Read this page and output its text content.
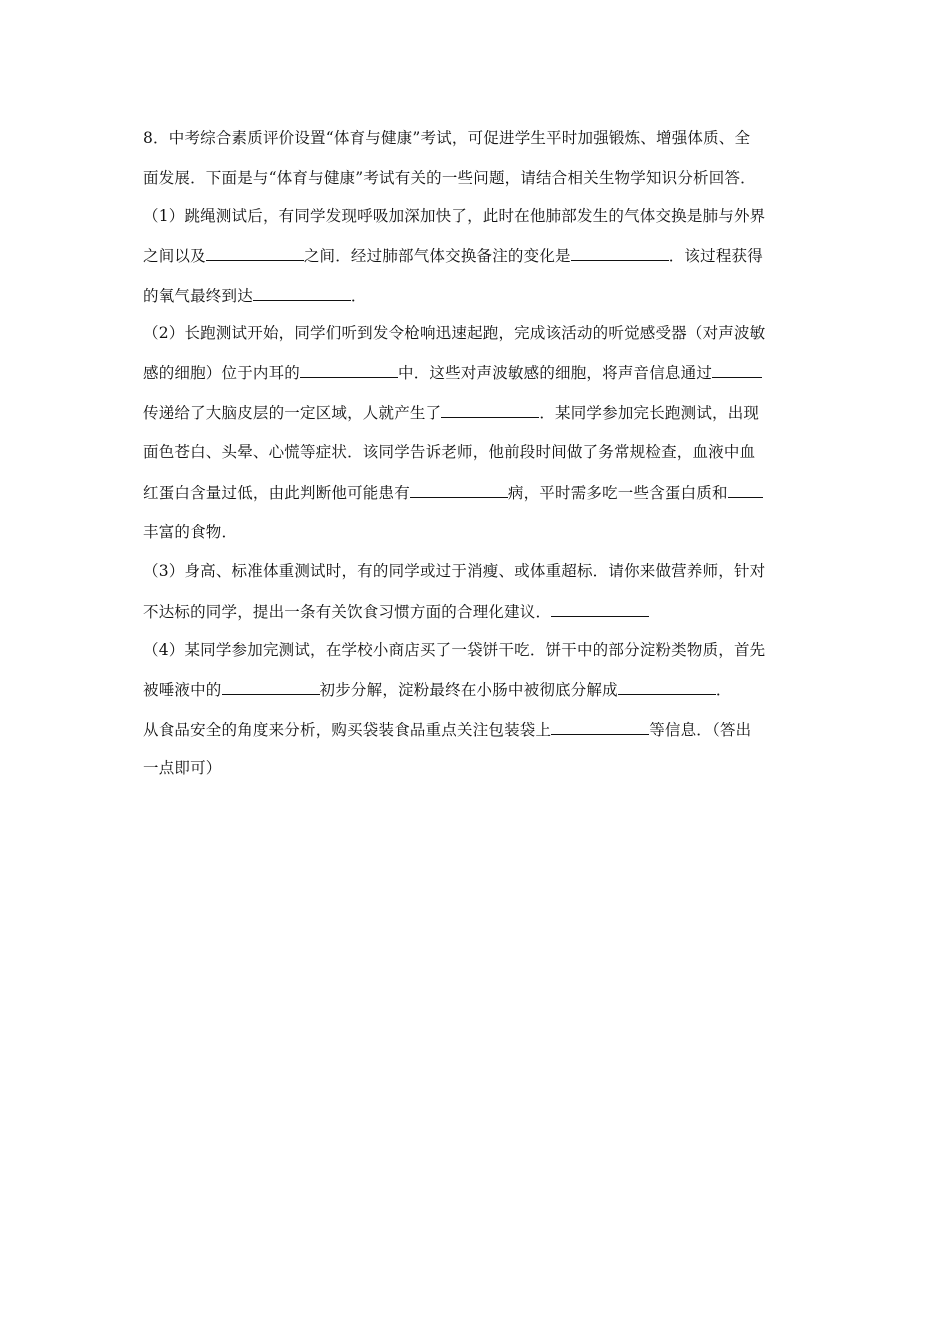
8．中考综合素质评价设置“体育与健康”考试，可促进学生平时加强锻炼、增强体质、全
面发展．下面是与“体育与健康”考试有关的一些问题，请结合相关生物学知识分析回答．
（1）跳绳测试后，有同学发现呼吸加深加快了，此时在他肺部发生的气体交换是肺与外界
之间以及	之间．经过肺部气体交换备注的变化是	．该过程获得
的氧气最终到达	．
（2）长跑测试开始，同学们听到发令枪响迅速起跑，完成该活动的听觉感受器（对声波敏
感的细胞）位于内耳的	中．这些对声波敏感的细胞，将声音信息通过
传递给了大脑皮层的一定区域，人就产生了	．某同学参加完长跑测试，出现
面色苍白、头晕、心慌等症状．该同学告诉老师，他前段时间做了务常规检查，血液中血
红蛋白含量过低，由此判断他可能患有	病，平时需多吃一些含蛋白质和
丰富的食物．
（3）身高、标准体重测试时，有的同学或过于消瘦、或体重超标．请你来做营养师，针对
不达标的同学，提出一条有关饮食习惯方面的合理化建议．
（4）某同学参加完测试，在学校小商店买了一袋饼干吃．饼干中的部分淀粉类物质，首先
被唾液中的	初步分解，淀粉最终在小肠中被彻底分解成	．
从食品安全的角度来分析，购买袋装食品重点关注包装袋上	等信息．（答出
一点即可）
